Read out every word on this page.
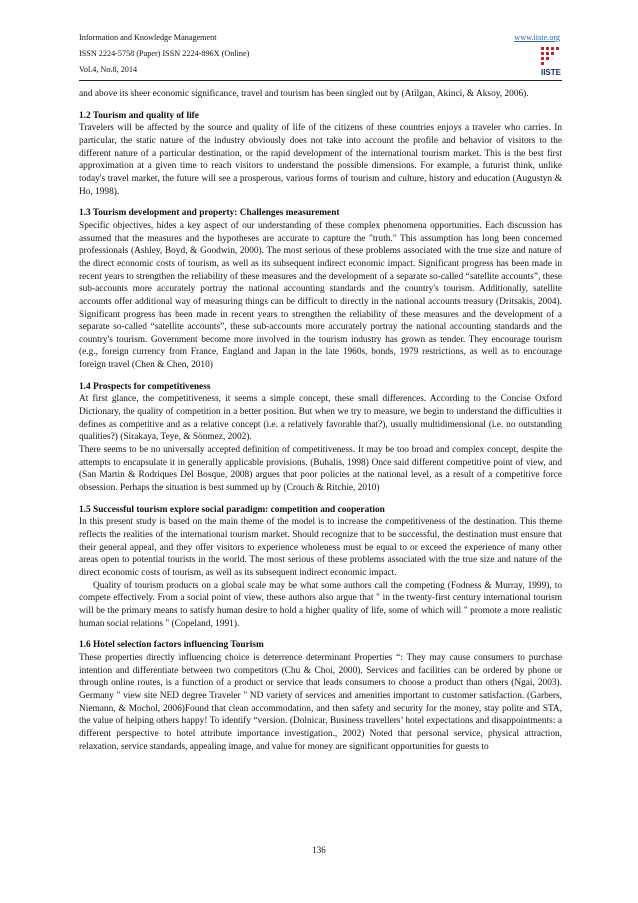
Information and Knowledge Management
ISSN 2224-5758 (Paper) ISSN 2224-896X (Online)
Vol.4, No.8, 2014
www.iiste.org
IISTE

and above its sheer economic significance, travel and tourism has been singled out by (Atilgan, Akinci, & Aksoy, 2006).

1.2 Tourism and quality of life

Travelers will be affected by the source and quality of life of the citizens of these countries enjoys a traveler who carries. In particular, the static nature of the industry obviously does not take into account the profile and behavior of visitors to the different nature of a particular destination, or the rapid development of the international tourism market. This is the best first approximation at a given time to reach visitors to understand the possible dimensions. For example, a futurist think, unlike today's travel market, the future will see a prosperous, various forms of tourism and culture, history and education (Augustyn & Ho, 1998).

1.3 Tourism development and property: Challenges measurement

Specific objectives, hides a key aspect of our understanding of these complex phenomena opportunities. Each discussion has assumed that the measures and the hypotheses are accurate to capture the "truth." This assumption has long been concerned professionals (Ashley, Boyd, & Goodwin, 2000). The most serious of these problems associated with the true size and nature of the direct economic costs of tourism, as well as its subsequent indirect economic impact. Significant progress has been made in recent years to strengthen the reliability of these measures and the development of a separate so-called “satellite accounts”, these sub-accounts more accurately portray the national accounting standards and the country's tourism. Additionally, satellite accounts offer additional way of measuring things can be difficult to directly in the national accounts treasury (Dritsakis, 2004). Significant progress has been made in recent years to strengthen the reliability of these measures and the development of a separate so-called “satellite accounts”, these sub-accounts more accurately portray the national accounting standards and the country's tourism. Government become more involved in the tourism industry has grown as tender. They encourage tourism (e.g., foreign currency from France, England and Japan in the late 1960s, bonds, 1979 restrictions, as well as to encourage foreign travel (Chen & Chen, 2010)

1.4 Prospects for competitiveness

At first glance, the competitiveness, it seems a simple concept, these small differences. According to the Concise Oxford Dictionary, the quality of competition in a better position. But when we try to measure, we begin to understand the difficulties it defines as competitive and as a relative concept (i.e. a relatively favorable that?), usually multidimensional (i.e. no outstanding qualities?) (Sirakaya, Teye, & Sönmez, 2002).

There seems to be no universally accepted definition of competitiveness. It may be too broad and complex concept, despite the attempts to encapsulate it in generally applicable provisions. (Buhalis, 1998) Once said different competitive point of view, and (San Martin & Rodriques Del Bosque, 2008) argues that poor policies at the national level, as a result of a competitive force obsession. Perhaps the situation is best summed up by (Crouch & Ritchie, 2010)

1.5 Successful tourism explore social paradigm: competition and cooperation

In this present study is based on the main theme of the model is to increase the competitiveness of the destination. This theme reflects the realities of the international tourism market. Should recognize that to be successful, the destination must ensure that their general appeal, and they offer visitors to experience wholeness must be equal to or exceed the experience of many other areas open to potential tourists in the world. The most serious of these problems associated with the true size and nature of the direct economic costs of tourism, as well as its subsequent indirect economic impact.

Quality of tourism products on a global scale may be what some authors call the competing (Fodness & Murray, 1999), to compete effectively. From a social point of view, these authors also argue that " in the twenty-first century international tourism will be the primary means to satisfy human desire to hold a higher quality of life, some of which will " promote a more realistic human social relations " (Copeland, 1991).

1.6 Hotel selection factors influencing Tourism

These properties directly influencing choice is deterrence determinant Properties “: They may cause consumers to purchase intention and differentiate between two competitors (Chu & Choi, 2000). Services and facilities can be ordered by phone or through online routes, is a function of a product or service that leads consumers to choose a product than others (Ngai, 2003). Germany " view site NED degree Traveler " ND variety of services and amenities important to customer satisfaction. (Garbers, Niemann, & Mochol, 2006)Found that clean accommodation, and then safety and security for the money, stay polite and STA, the value of helping others happy! To identify “version. (Dolnicar, Business travellers’ hotel expectations and disappointments: a different perspective to hotel attribute importance investigation., 2002) Noted that personal service, physical attraction, relaxation, service standards, appealing image, and value for money are significant opportunities for guests to

136
